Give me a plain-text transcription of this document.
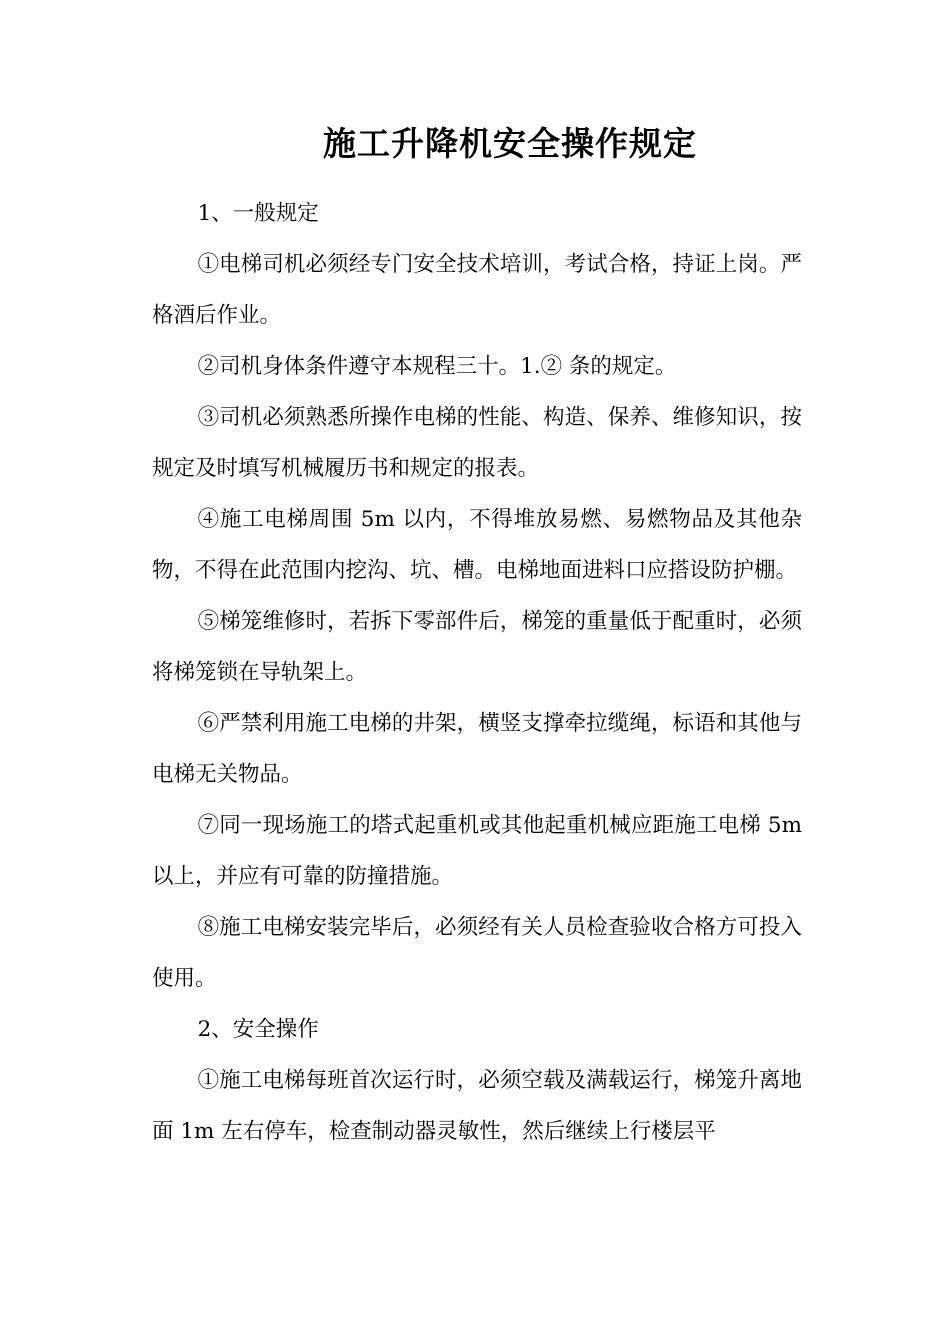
施工升降机安全操作规定

1、一般规定

①电梯司机必须经专门安全技术培训，考试合格，持证上岗。严格酒后作业。

②司机身体条件遵守本规程三十。1.② 条的规定。

③司机必须熟悉所操作电梯的性能、构造、保养、维修知识，按规定及时填写机械履历书和规定的报表。

④施工电梯周围 5m 以内，不得堆放易燃、易燃物品及其他杂物，不得在此范围内挖沟、坑、槽。电梯地面进料口应搭设防护棚。

⑤梯笼维修时，若拆下零部件后，梯笼的重量低于配重时，必须将梯笼锁在导轨架上。

⑥严禁利用施工电梯的井架，横竖支撑牵拉缆绳，标语和其他与电梯无关物品。

⑦同一现场施工的塔式起重机或其他起重机械应距施工电梯 5m 以上，并应有可靠的防撞措施。

⑧施工电梯安装完毕后，必须经有关人员检查验收合格方可投入使用。

2、安全操作

①施工电梯每班首次运行时，必须空载及满载运行，梯笼升离地面 1m 左右停车，检查制动器灵敏性，然后继续上行楼层平
